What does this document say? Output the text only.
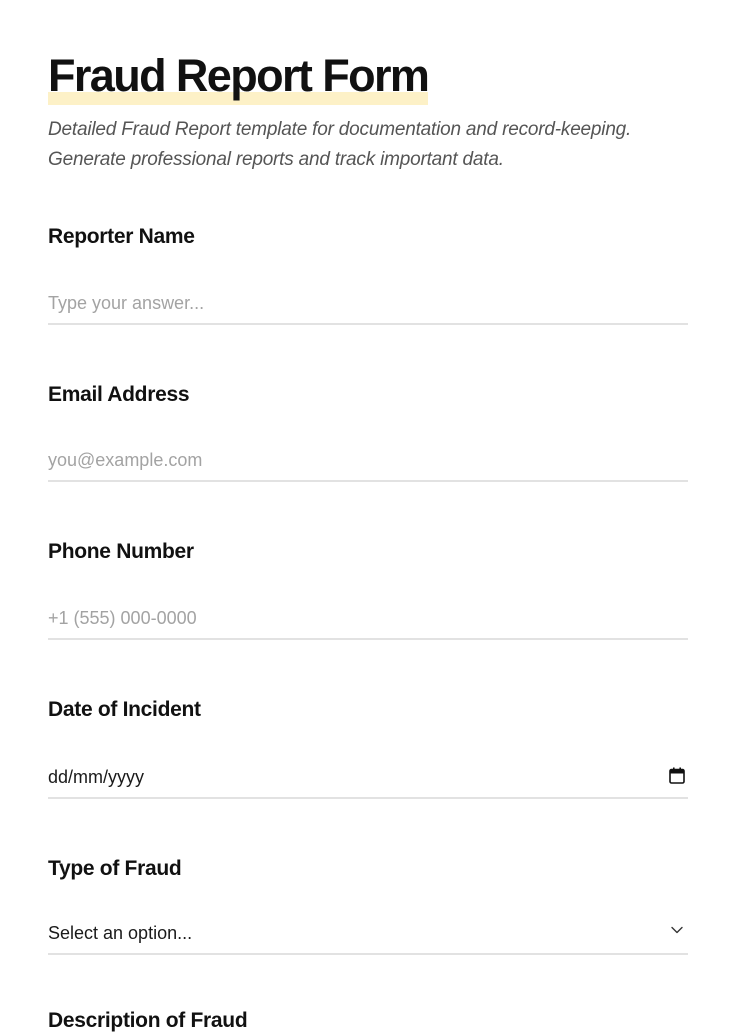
Fraud Report Form

Detailed Fraud Report template for documentation and record-keeping. Generate professional reports and track important data.

Reporter Name
Type your answer...
Email Address
you@example.com
Phone Number
+1 (555) 000-0000
Date of Incident
dd/mm/yyyy
Type of Fraud
Select an option...
Description of Fraud
